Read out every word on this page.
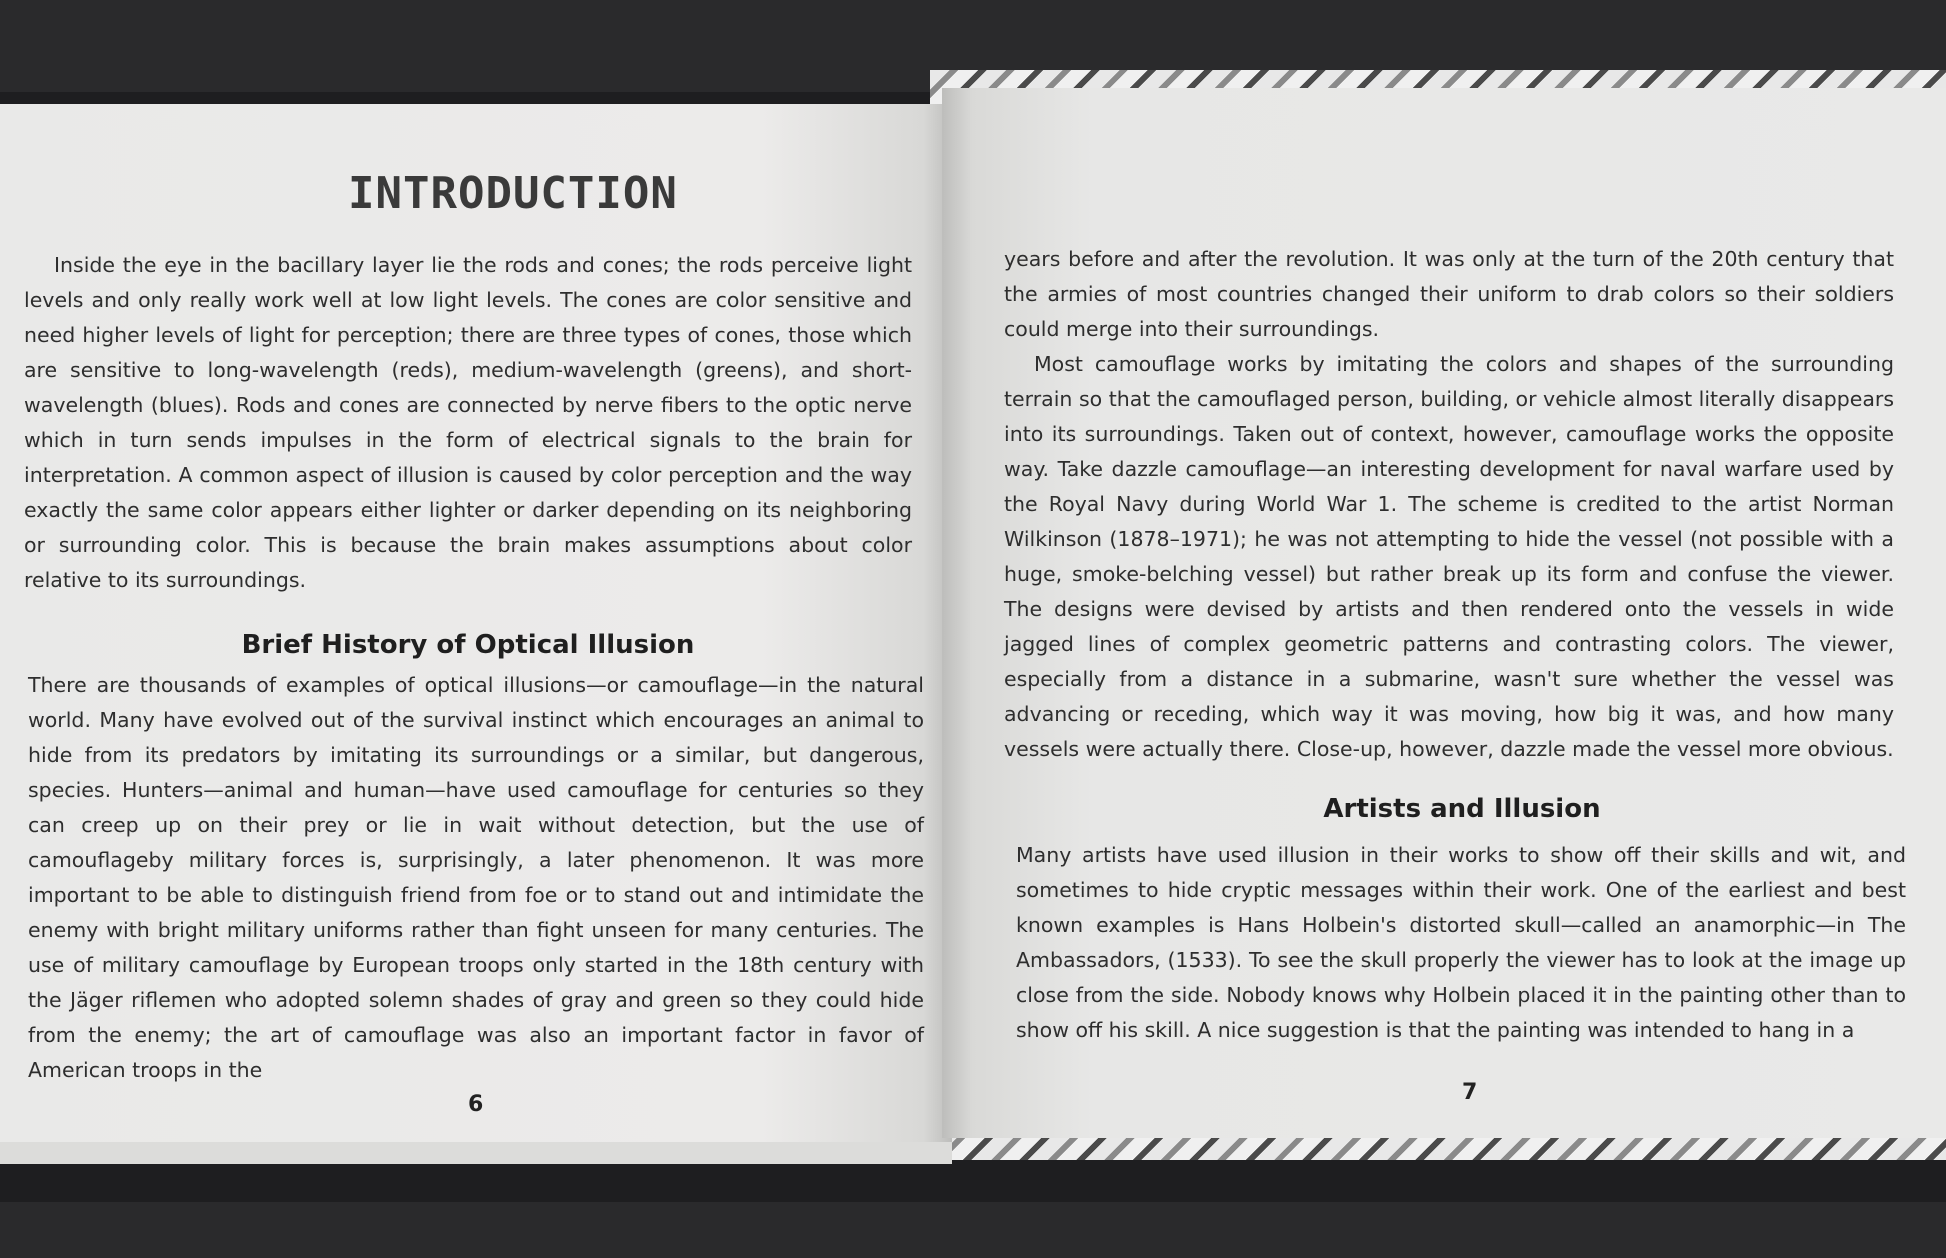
INTRODUCTION

Inside the eye in the bacillary layer lie the rods and cones; the rods perceive light levels and only really work well at low light levels. The cones are color sensitive and need higher levels of light for perception; there are three types of cones, those which are sensitive to long-wavelength (reds), medium-wavelength (greens), and short-wavelength (blues). Rods and cones are connected by nerve fibers to the optic nerve which in turn sends impulses in the form of electrical signals to the brain for interpretation. A common aspect of illusion is caused by color perception and the way exactly the same color appears either lighter or darker depending on its neighboring or surrounding color. This is because the brain makes assumptions about color relative to its surroundings.

Brief History of Optical Illusion

There are thousands of examples of optical illusions—or camouflage—in the natural world. Many have evolved out of the survival instinct which encourages an animal to hide from its predators by imitating its surroundings or a similar, but dangerous, species. Hunters—animal and human—have used camouflage for centuries so they can creep up on their prey or lie in wait without detection, but the use of camouflageby military forces is, surprisingly, a later phenomenon. It was more important to be able to distinguish friend from foe or to stand out and intimidate the enemy with bright military uniforms rather than fight unseen for many centuries. The use of military camouflage by European troops only started in the 18th century with the Jäger riflemen who adopted solemn shades of gray and green so they could hide from the enemy; the art of camouflage was also an important factor in favor of American troops in the

6

years before and after the revolution. It was only at the turn of the 20th century that the armies of most countries changed their uniform to drab colors so their soldiers could merge into their surroundings.

Most camouflage works by imitating the colors and shapes of the surrounding terrain so that the camouflaged person, building, or vehicle almost literally disappears into its surroundings. Taken out of context, however, camouflage works the opposite way. Take dazzle camouflage—an interesting development for naval warfare used by the Royal Navy during World War 1. The scheme is credited to the artist Norman Wilkinson (1878–1971); he was not attempting to hide the vessel (not possible with a huge, smoke-belching vessel) but rather break up its form and confuse the viewer. The designs were devised by artists and then rendered onto the vessels in wide jagged lines of complex geometric patterns and contrasting colors. The viewer, especially from a distance in a submarine, wasn't sure whether the vessel was advancing or receding, which way it was moving, how big it was, and how many vessels were actually there. Close-up, however, dazzle made the vessel more obvious.

Artists and Illusion

Many artists have used illusion in their works to show off their skills and wit, and sometimes to hide cryptic messages within their work. One of the earliest and best known examples is Hans Holbein's distorted skull—called an anamorphic—in The Ambassadors, (1533). To see the skull properly the viewer has to look at the image up close from the side. Nobody knows why Holbein placed it in the painting other than to show off his skill. A nice suggestion is that the painting was intended to hang in a

7
